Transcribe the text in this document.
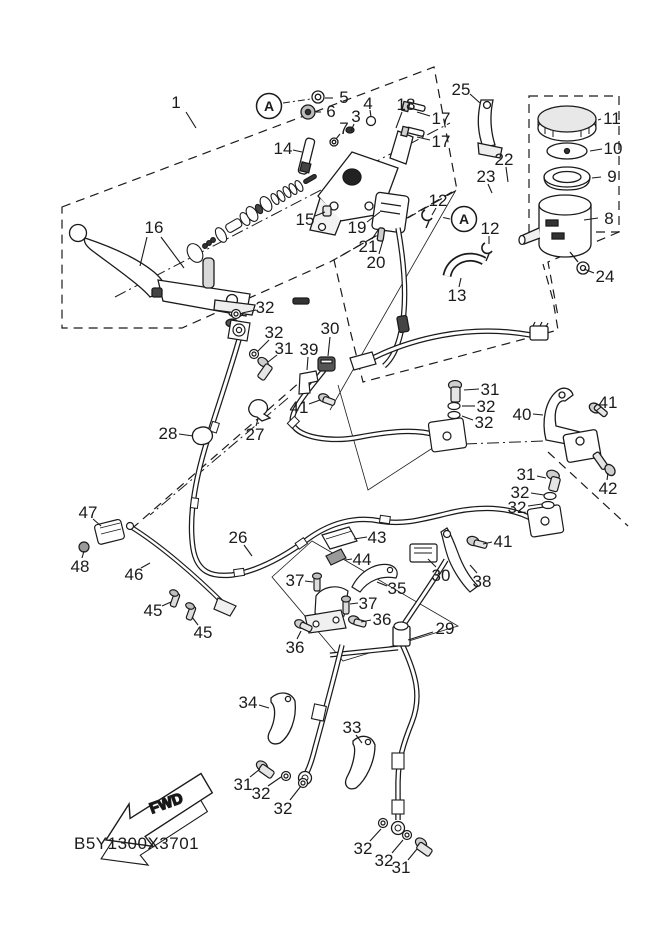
FWD
B5Y1300X3701
1
3
4
5
6
7
8
9
10
11
12
12
13
14
15
16
17
17
18
19
20
21
22
23
24
25
26
27
28
29
30
30
31
31
31
31
31
32
32
32
32
32
32
32
32
32
32
33
34
35
36
36
37
37
38
39
40
41	41
41
42
43
44
45
45
46
47
48
A
A
